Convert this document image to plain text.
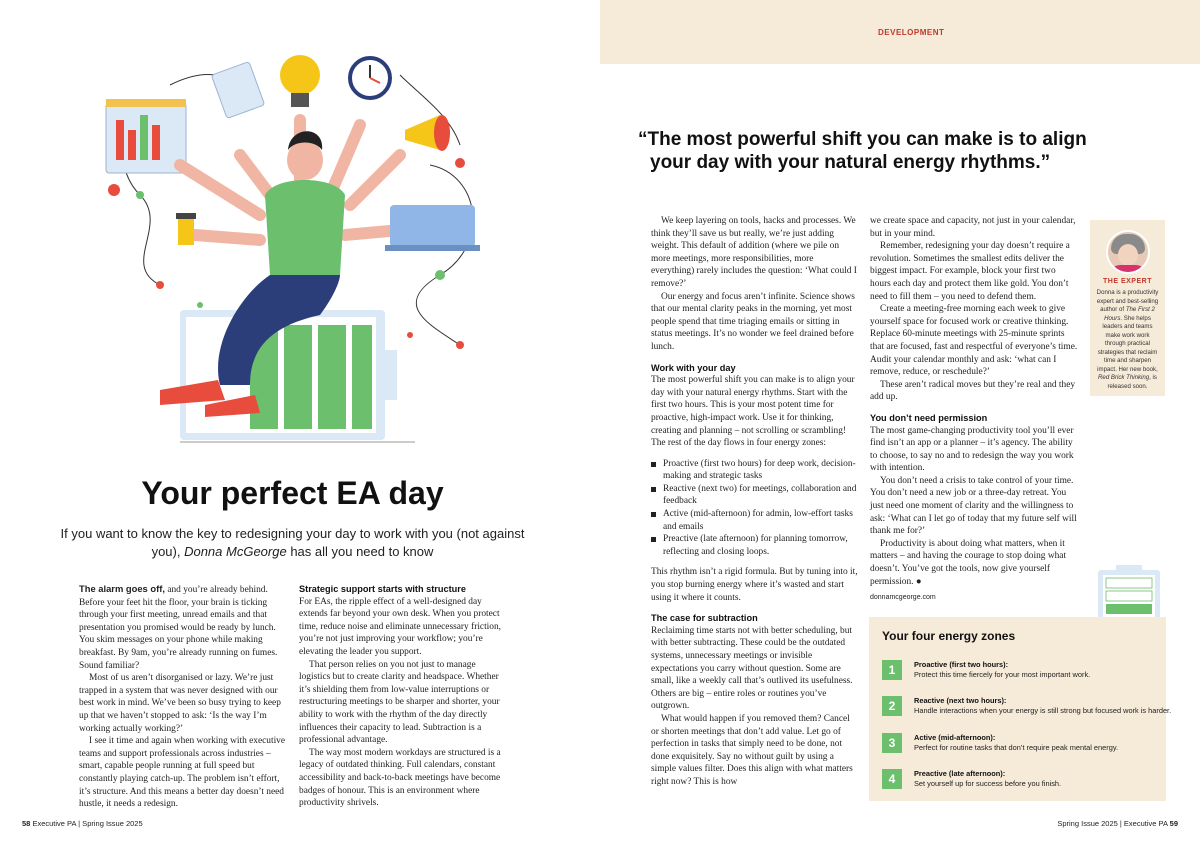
DEVELOPMENT
Your perfect EA day

If you want to know the key to redesigning your day to work with you (not against you), Donna McGeorge has all you need to know

The alarm goes off, and you’re already behind. Before your feet hit the floor, your brain is ticking through your first meeting, unread emails and that presentation you promised would be ready by lunch. You skim messages on your phone while making breakfast. By 9am, you’re already running on fumes. Sound familiar?

Most of us aren’t disorganised or lazy. We’re just trapped in a system that was never designed with our best work in mind. We’ve been so busy trying to keep up that we haven’t stopped to ask: ‘Is the way I’m working actually working?’

I see it time and again when working with executive teams and support professionals across industries – smart, capable people running at full speed but constantly playing catch-up. The problem isn’t effort, it’s structure. And this means a better day doesn’t need hustle, it needs a redesign.

Strategic support starts with structure

For EAs, the ripple effect of a well-designed day extends far beyond your own desk. When you protect time, reduce noise and eliminate unnecessary friction, you’re not just improving your workflow; you’re elevating the leader you support.

That person relies on you not just to manage logistics but to create clarity and headspace. Whether it’s shielding them from low-value interruptions or restructuring meetings to be sharper and shorter, your ability to work with the rhythm of the day directly influences their capacity to lead. Subtraction is a professional advantage.

The way most modern workdays are structured is a legacy of outdated thinking. Full calendars, constant accessibility and back-to-back meetings have become badges of honour. This is an environment where productivity shrivels.

“The most powerful shift you can make is to align
your day with your natural energy rhythms.”

We keep layering on tools, hacks and processes. We think they’ll save us but really, we’re just adding weight. This default of addition (where we pile on more meetings, more responsibilities, more everything) rarely includes the question: ‘What could I remove?’

Our energy and focus aren’t infinite. Science shows that our mental clarity peaks in the morning, yet most people spend that time triaging emails or sitting in status meetings. It’s no wonder we feel drained before lunch.

Work with your day

The most powerful shift you can make is to align your day with your natural energy rhythms. Start with the first two hours. This is your most potent time for proactive, high-impact work. Use it for thinking, creating and planning – not scrolling or scrambling! The rest of the day flows in four energy zones:

Proactive (first two hours) for deep work, decision-making and strategic tasks
Reactive (next two) for meetings, collaboration and feedback
Active (mid-afternoon) for admin, low-effort tasks and emails
Preactive (late afternoon) for planning tomorrow, reflecting and closing loops.

This rhythm isn’t a rigid formula. But by tuning into it, you stop burning energy where it’s wasted and start using it where it counts.

The case for subtraction

Reclaiming time starts not with better scheduling, but with better subtracting. These could be the outdated systems, unnecessary meetings or invisible expectations you carry without question. Some are small, like a weekly call that’s outlived its usefulness. Others are big – entire roles or routines you’ve outgrown.

What would happen if you removed them? Cancel or shorten meetings that don’t add value. Let go of perfection in tasks that simply need to be done, not done exquisitely. Say no without guilt by using a simple values filter. Does this align with what matters right now? This is how

we create space and capacity, not just in your calendar, but in your mind.

Remember, redesigning your day doesn’t require a revolution. Sometimes the smallest edits deliver the biggest impact. For example, block your first two hours each day and protect them like gold. You don’t need to fill them – you need to defend them.

Create a meeting-free morning each week to give yourself space for focused work or creative thinking. Replace 60-minute meetings with 25-minute sprints that are focused, fast and respectful of everyone’s time. Audit your calendar monthly and ask: ‘what can I remove, reduce, or reschedule?’

These aren’t radical moves but they’re real and they add up.

You don’t need permission

The most game-changing productivity tool you’ll ever find isn’t an app or a planner – it’s agency. The ability to choose, to say no and to redesign the way you work with intention.

You don’t need a crisis to take control of your time. You don’t need a new job or a three-day retreat. You just need one moment of clarity and the willingness to ask: ‘What can I let go of today that my future self will thank me for?’

Productivity is about doing what matters, when it matters – and having the courage to stop doing what doesn’t. You’ve got the tools, now give yourself permission. ●

donnamcgeorge.com

THE EXPERT
Donna is a productivity expert and best-selling author of The First 2 Hours. She helps leaders and teams make work work through practical strategies that reclaim time and sharpen impact. Her new book, Red Brick Thinking, is released soon.
Your four energy zones
1	Proactive (first two hours):
Protect this time fiercely for your most important work.
2	Reactive (next two hours):
Handle interactions when your energy is still strong but focused work is harder.
3	Active (mid-afternoon):
Perfect for routine tasks that don’t require peak mental energy.
4	Preactive (late afternoon):
Set yourself up for success before you finish.
58 Executive PA | Spring Issue 2025	Spring Issue 2025 | Executive PA 59
